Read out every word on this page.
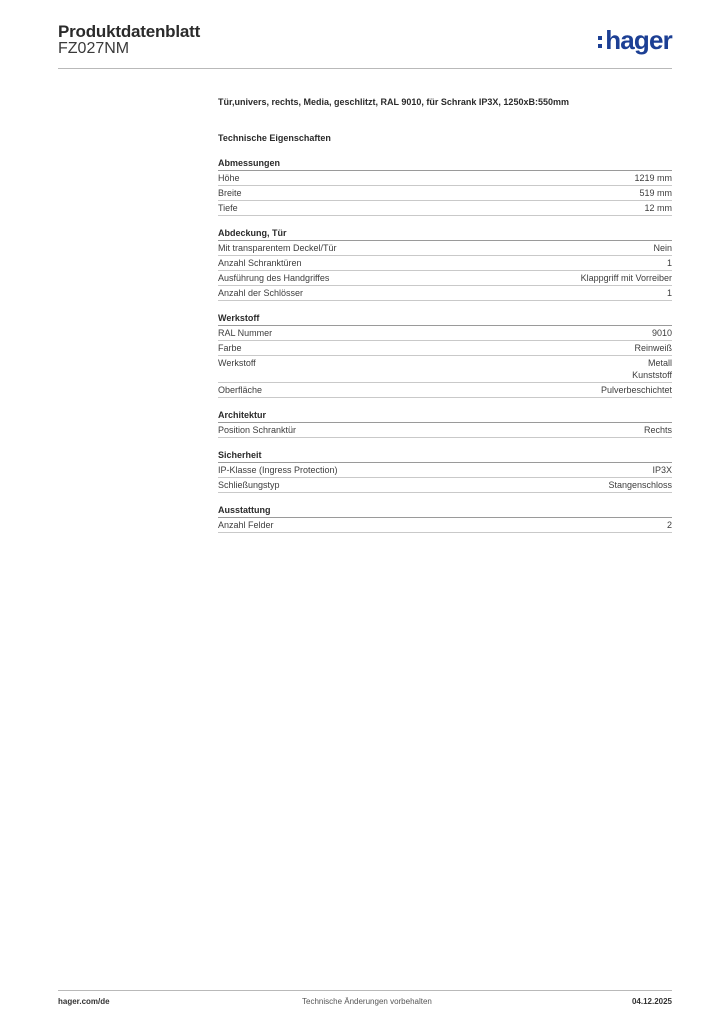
Produktdatenblatt
FZ027NM	hager

Tür,univers, rechts, Media, geschlitzt, RAL 9010, für Schrank IP3X, 1250xB:550mm

Technische Eigenschaften
Abmessungen
Höhe	1219 mm
Breite	519 mm
Tiefe	12 mm
Abdeckung, Tür
Mit transparentem Deckel/Tür	Nein
Anzahl Schranktüren	1
Ausführung des Handgriffes	Klappgriff mit Vorreiber
Anzahl der Schlösser	1
Werkstoff
RAL Nummer	9010
Farbe	Reinweiß
Werkstoff	Metall
Kunststoff
Oberfläche	Pulverbeschichtet
Architektur
Position Schranktür	Rechts
Sicherheit
IP-Klasse (Ingress Protection)	IP3X
Schließungstyp	Stangenschloss
Ausstattung
Anzahl Felder	2
hager.com/de	Technische Änderungen vorbehalten	04.12.2025
